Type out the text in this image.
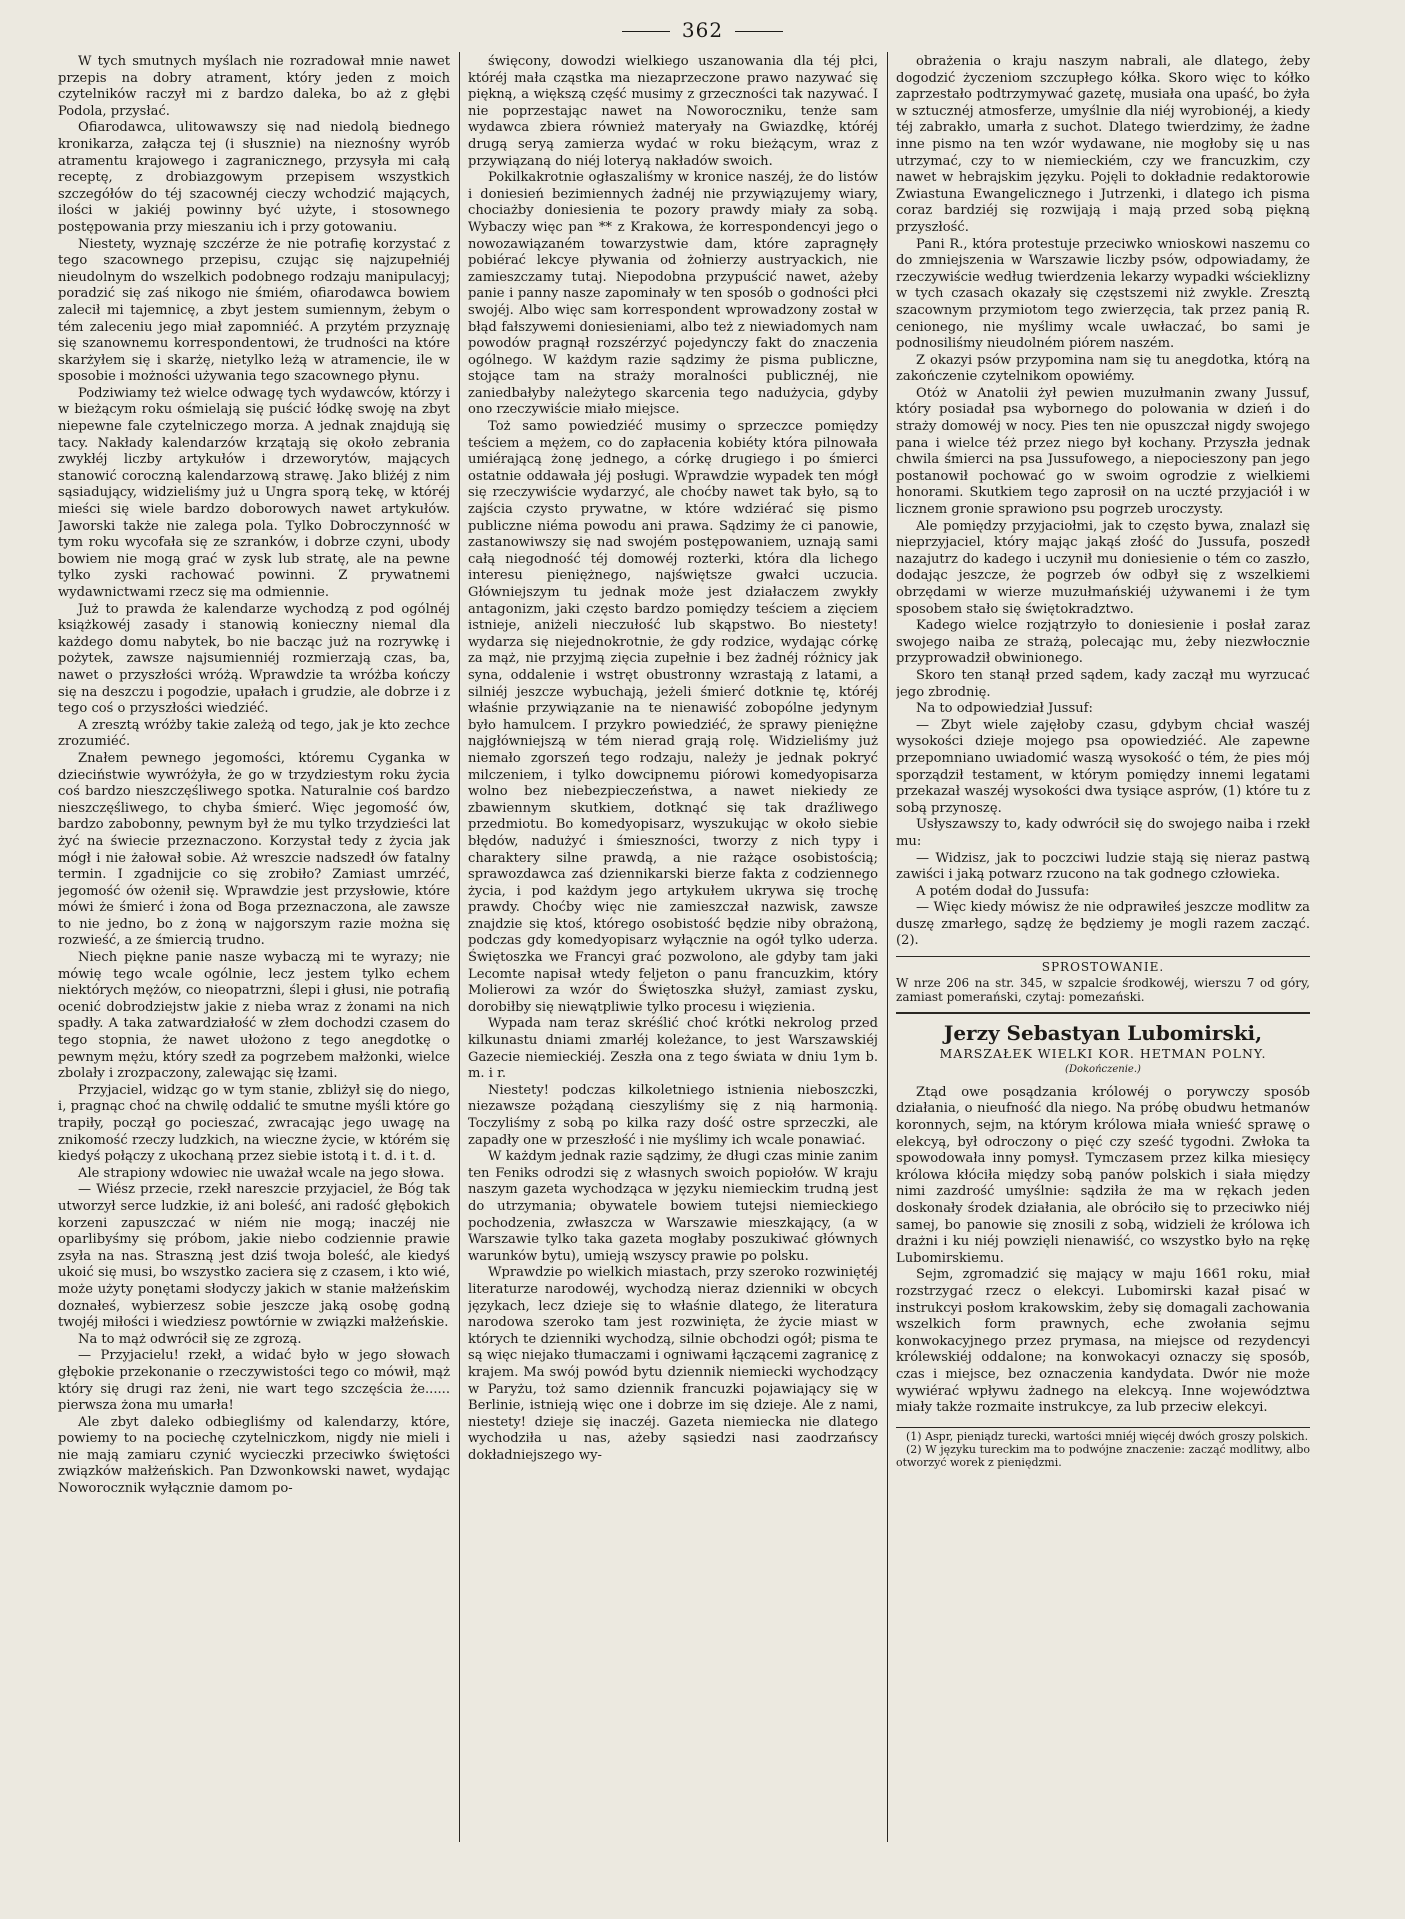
362

W tych smutnych myślach nie rozradował mnie nawet przepis na dobry atrament, który jeden z moich czytelników raczył mi z bardzo daleka, bo aż z głębi Podola, przysłać.

Ofiarodawca, ulitowawszy się nad niedolą biednego kronikarza, załącza tej (i słusznie) na nieznośny wyrób atramentu krajowego i zagranicznego, przysyła mi całą receptę, z drobiazgowym przepisem wszystkich szczegółów do téj szacownéj cieczy wchodzić mających, ilości w jakiéj powinny być użyte, i stosownego postępowania przy mieszaniu ich i przy gotowaniu.

Niestety, wyznaję szczérze że nie potrafię korzystać z tego szacownego przepisu, czując się najzupełniéj nieudolnym do wszelkich podobnego rodzaju manipulacyj; poradzić się zaś nikogo nie śmiém, ofiarodawca bowiem zalecił mi tajemnicę, a zbyt jestem sumiennym, żebym o tém zaleceniu jego miał zapomniéć. A przytém przyznaję się szanownemu korrespondentowi, że trudności na które skarżyłem się i skarżę, nietylko leżą w atramencie, ile w sposobie i możności używania tego szacownego płynu.

Podziwiamy też wielce odwagę tych wydawców, którzy i w bieżącym roku ośmielają się puścić łódkę swoję na zbyt niepewne fale czytelniczego morza. A jednak znajdują się tacy. Nakłady kalendarzów krzątają się około zebrania zwykłéj liczby artykułów i drzeworytów, mających stanowić coroczną kalendarzową strawę. Jako bliżéj z nim sąsiadujący, widzieliśmy już u Ungra sporą tekę, w któréj mieści się wiele bardzo doborowych nawet artykułów. Jaworski także nie zalega pola. Tylko Dobroczynność w tym roku wycofała się ze szranków, i dobrze czyni, ubody bowiem nie mogą grać w zysk lub stratę, ale na pewne tylko zyski rachować powinni. Z prywatnemi wydawnictwami rzecz się ma odmiennie.

Już to prawda że kalendarze wychodzą z pod ogólnéj książkowéj zasady i stanowią konieczny niemal dla każdego domu nabytek, bo nie bacząc już na rozrywkę i pożytek, zawsze najsumienniéj rozmierzają czas, ba, nawet o przyszłości wróżą. Wprawdzie ta wróżba kończy się na deszczu i pogodzie, upałach i grudzie, ale dobrze i z tego coś o przyszłości wiedziéć.

A zresztą wróżby takie zależą od tego, jak je kto zechce zrozumiéć.

Znałem pewnego jegomości, któremu Cyganka w dzieciństwie wywróżyła, że go w trzydziestym roku życia coś bardzo nieszczęśliwego spotka. Naturalnie coś bardzo nieszczęśliwego, to chyba śmierć. Więc jegomość ów, bardzo zabobonny, pewnym był że mu tylko trzydzieści lat żyć na świecie przeznaczono. Korzystał tedy z życia jak mógł i nie żałował sobie. Aż wreszcie nadszedł ów fatalny termin. I zgadnijcie co się zrobiło? Zamiast umrzéć, jegomość ów ożenił się. Wprawdzie jest przysłowie, które mówi że śmierć i żona od Boga przeznaczona, ale zawsze to nie jedno, bo z żoną w najgorszym razie można się rozwieść, a ze śmiercią trudno.

Niech piękne panie nasze wybaczą mi te wyrazy; nie mówię tego wcale ogólnie, lecz jestem tylko echem niektórych mężów, co nieopatrzni, ślepi i głusi, nie potrafią ocenić dobrodziejstw jakie z nieba wraz z żonami na nich spadły. A taka zatwardziałość w złem dochodzi czasem do tego stopnia, że nawet ułożono z tego anegdotkę o pewnym mężu, który szedł za pogrzebem małżonki, wielce zbolały i zrozpaczony, zalewając się łzami.

Przyjaciel, widząc go w tym stanie, zbliżył się do niego, i, pragnąc choć na chwilę oddalić te smutne myśli które go trapiły, począł go pocieszać, zwracając jego uwagę na znikomość rzeczy ludzkich, na wieczne życie, w którém się kiedyś połączy z ukochaną przez siebie istotą i t. d. i t. d.

Ale strapiony wdowiec nie uważał wcale na jego słowa.

— Wiész przecie, rzekł nareszcie przyjaciel, że Bóg tak utworzył serce ludzkie, iż ani boleść, ani radość głębokich korzeni zapuszczać w niém nie mogą; inaczéj nie oparlibyśmy się próbom, jakie niebo codziennie prawie zsyła na nas. Straszną jest dziś twoja boleść, ale kiedyś ukoić się musi, bo wszystko zaciera się z czasem, i kto wié, może użyty ponętami słodyczy jakich w stanie małżeńskim doznałeś, wybierzesz sobie jeszcze jaką osobę godną twojéj miłości i wiedziesz powtórnie w związki małżeńskie.

Na to mąż odwrócił się ze zgrozą.

— Przyjacielu! rzekł, a widać było w jego słowach głębokie przekonanie o rzeczywistości tego co mówił, mąż który się drugi raz żeni, nie wart tego szczęścia że...... pierwsza żona mu umarła!

Ale zbyt daleko odbiegliśmy od kalendarzy, które, powiemy to na pociechę czytelniczkom, nigdy nie mieli i nie mają zamiaru czynić wycieczki przeciwko świętości związków małżeńskich. Pan Dzwonkowski nawet, wydając Noworocznik wyłącznie damom po-

święcony, dowodzi wielkiego uszanowania dla téj płci, któréj mała cząstka ma niezaprzeczone prawo nazywać się piękną, a większą część musimy z grzeczności tak nazywać. I nie poprzestając nawet na Noworoczniku, tenże sam wydawca zbiera również materyały na Gwiazdkę, któréj drugą seryą zamierza wydać w roku bieżącym, wraz z przywiązaną do niéj loteryą nakładów swoich.

Pokilkakrotnie ogłaszaliśmy w kronice naszéj, że do listów i doniesień bezimiennych żadnéj nie przywiązujemy wiary, chociażby doniesienia te pozory prawdy miały za sobą. Wybaczy więc pan ** z Krakowa, że korrespondencyi jego o nowozawiązaném towarzystwie dam, które zapragnęły pobiérać lekcye pływania od żołnierzy austryackich, nie zamieszczamy tutaj. Niepodobna przypuścić nawet, ażeby panie i panny nasze zapominały w ten sposób o godności płci swojéj. Albo więc sam korrespondent wprowadzony został w błąd fałszywemi doniesieniami, albo też z niewiadomych nam powodów pragnął rozszérzyć pojedynczy fakt do znaczenia ogólnego. W każdym razie sądzimy że pisma publiczne, stojące tam na straży moralności publicznéj, nie zaniedbałyby należytego skarcenia tego nadużycia, gdyby ono rzeczywiście miało miejsce.

Toż samo powiedziéć musimy o sprzeczce pomiędzy teściem a mężem, co do zapłacenia kobiéty która pilnowała umiérającą żonę jednego, a córkę drugiego i po śmierci ostatnie oddawała jéj posługi. Wprawdzie wypadek ten mógł się rzeczywiście wydarzyć, ale choćby nawet tak było, są to zajścia czysto prywatne, w które wdziérać się pismo publiczne niéma powodu ani prawa. Sądzimy że ci panowie, zastanowiwszy się nad swojém postępowaniem, uznają sami całą niegodność téj domowéj rozterki, która dla lichego interesu pieniężnego, najświętsze gwałci uczucia. Główniejszym tu jednak może jest działaczem zwykły antagonizm, jaki często bardzo pomiędzy teściem a zięciem istnieje, aniżeli nieczułość lub skąpstwo. Bo niestety! wydarza się niejednokrotnie, że gdy rodzice, wydając córkę za mąż, nie przyjmą zięcia zupełnie i bez żadnéj różnicy jak syna, oddalenie i wstręt obustronny wzrastają z latami, a silniéj jeszcze wybuchają, jeżeli śmierć dotknie tę, któréj właśnie przywiązanie na te nienawiść zobopólne jedynym było hamulcem. I przykro powiedziéć, że sprawy pieniężne najgłówniejszą w tém nierad grają rolę. Widzieliśmy już niemało zgorszeń tego rodzaju, należy je jednak pokryć milczeniem, i tylko dowcipnemu piórowi komedyopisarza wolno bez niebezpieczeństwa, a nawet niekiedy ze zbawiennym skutkiem, dotknąć się tak draźliwego przedmiotu. Bo komedyopisarz, wyszukując w około siebie błędów, nadużyć i śmieszności, tworzy z nich typy i charaktery silne prawdą, a nie rażące osobistością; sprawozdawca zaś dziennikarski bierze fakta z codziennego życia, i pod każdym jego artykułem ukrywa się trochę prawdy. Choćby więc nie zamieszczał nazwisk, zawsze znajdzie się ktoś, którego osobistość będzie niby obrażoną, podczas gdy komedyopisarz wyłącznie na ogół tylko uderza. Świętoszka we Francyi grać pozwolono, ale gdyby tam jaki Lecomte napisał wtedy feljeton o panu francuzkim, który Molierowi za wzór do Świętoszka służył, zamiast zysku, dorobiłby się niewątpliwie tylko procesu i więzienia.

Wypada nam teraz skréślić choć krótki nekrolog przed kilkunastu dniami zmarłéj koleżance, to jest Warszawskiéj Gazecie niemieckiéj. Zeszła ona z tego świata w dniu 1ym b. m. i r.

Niestety! podczas kilkoletniego istnienia nieboszczki, niezawsze pożądaną cieszyliśmy się z nią harmonią. Toczyliśmy z sobą po kilka razy dość ostre sprzeczki, ale zapadły one w przeszłość i nie myślimy ich wcale ponawiać.

W każdym jednak razie sądzimy, że długi czas minie zanim ten Feniks odrodzi się z własnych swoich popiołów. W kraju naszym gazeta wychodząca w języku niemieckim trudną jest do utrzymania; obywatele bowiem tutejsi niemieckiego pochodzenia, zwłaszcza w Warszawie mieszkający, (a w Warszawie tylko taka gazeta mogłaby poszukiwać głównych warunków bytu), umieją wszyscy prawie po polsku.

Wprawdzie po wielkich miastach, przy szeroko rozwiniętéj literaturze narodowéj, wychodzą nieraz dzienniki w obcych językach, lecz dzieje się to właśnie dlatego, że literatura narodowa szeroko tam jest rozwinięta, że życie miast w których te dzienniki wychodzą, silnie obchodzi ogół; pisma te są więc niejako tłumaczami i ogniwami łączącemi zagranicę z krajem. Ma swój powód bytu dziennik niemiecki wychodzący w Paryżu, toż samo dziennik francuzki pojawiający się w Berlinie, istnieją więc one i dobrze im się dzieje. Ale z nami, niestety! dzieje się inaczéj. Gazeta niemiecka nie dlatego wychodziła u nas, ażeby sąsiedzi nasi zaodrzańscy dokładniejszego wy-

obrażenia o kraju naszym nabrali, ale dlatego, żeby dogodzić życzeniom szczupłego kółka. Skoro więc to kółko zaprzestało podtrzymywać gazetę, musiała ona upaść, bo żyła w sztucznéj atmosferze, umyślnie dla niéj wyrobionéj, a kiedy téj zabrakło, umarła z suchot. Dlatego twierdzimy, że żadne inne pismo na ten wzór wydawane, nie mogłoby się u nas utrzymać, czy to w niemieckiém, czy we francuzkim, czy nawet w hebrajskim języku. Pojęli to dokładnie redaktorowie Zwiastuna Ewangelicznego i Jutrzenki, i dlatego ich pisma coraz bardziéj się rozwijają i mają przed sobą piękną przyszłość.

Pani R., która protestuje przeciwko wnioskowi naszemu co do zmniejszenia w Warszawie liczby psów, odpowiadamy, że rzeczywiście według twierdzenia lekarzy wypadki wścieklizny w tych czasach okazały się częstszemi niż zwykle. Zresztą szacownym przymiotom tego zwierzęcia, tak przez panią R. cenionego, nie myślimy wcale uwłaczać, bo sami je podnosiliśmy nieudolném piórem naszém.

Z okazyi psów przypomina nam się tu anegdotka, którą na zakończenie czytelnikom opowiémy.

Otóż w Anatolii żył pewien muzułmanin zwany Jussuf, który posiadał psa wybornego do polowania w dzień i do straży domowéj w nocy. Pies ten nie opuszczał nigdy swojego pana i wielce téż przez niego był kochany. Przyszła jednak chwila śmierci na psa Jussufowego, a niepocieszony pan jego postanowił pochować go w swoim ogrodzie z wielkiemi honorami. Skutkiem tego zaprosił on na uczté przyjaciół i w licznem gronie sprawiono psu pogrzeb uroczysty.

Ale pomiędzy przyjaciołmi, jak to często bywa, znalazł się nieprzyjaciel, który mając jakąś złość do Jussufa, poszedł nazajutrz do kadego i uczynił mu doniesienie o tém co zaszło, dodając jeszcze, że pogrzeb ów odbył się z wszelkiemi obrzędami w wierze muzułmańskiéj używanemi i że tym sposobem stało się świętokradztwo.

Kadego wielce rozjątrzyło to doniesienie i posłał zaraz swojego naiba ze strażą, polecając mu, żeby niezwłocznie przyprowadził obwinionego.

Skoro ten stanął przed sądem, kady zaczął mu wyrzucać jego zbrodnię.

Na to odpowiedział Jussuf:

— Zbyt wiele zajęłoby czasu, gdybym chciał waszéj wysokości dzieje mojego psa opowiedziéć. Ale zapewne przepomniano uwiadomić waszą wysokość o tém, że pies mój sporządził testament, w którym pomiędzy innemi legatami przekazał waszéj wysokości dwa tysiące asprów, (1) które tu z sobą przynoszę.

Usłyszawszy to, kady odwrócił się do swojego naiba i rzekł mu:

— Widzisz, jak to poczciwi ludzie stają się nieraz pastwą zawiści i jaką potwarz rzucono na tak godnego człowieka.

A potém dodał do Jussufa:

— Więc kiedy mówisz że nie odprawiłeś jeszcze modlitw za duszę zmarłego, sądzę że będziemy je mogli razem zacząć. (2).

SPROSTOWANIE.

W nrze 206 na str. 345, w szpalcie środkowéj, wierszu 7 od góry, zamiast pomerański, czytaj: pomezański.

Jerzy Sebastyan Lubomirski,

MARSZAŁEK WIELKI KOR. HETMAN POLNY.

(Dokończenie.)

Ztąd owe posądzania królowéj o porywczy sposób działania, o nieufność dla niego. Na próbę obudwu hetmanów koronnych, sejm, na którym królowa miała wnieść sprawę o elekcyą, był odroczony o pięć czy sześć tygodni. Zwłoka ta spowodowała inny pomysł. Tymczasem przez kilka miesięcy królowa kłóciła między sobą panów polskich i siała między nimi zazdrość umyślnie: sądziła że ma w rękach jeden doskonały środek działania, ale obróciło się to przeciwko niéj samej, bo panowie się znosili z sobą, widzieli że królowa ich drażni i ku niéj powzięli nienawiść, co wszystko było na rękę Lubomirskiemu.

Sejm, zgromadzić się mający w maju 1661 roku, miał rozstrzygać rzecz o elekcyi. Lubomirski kazał pisać w instrukcyi posłom krakowskim, żeby się domagali zachowania wszelkich form prawnych, eche zwołania sejmu konwokacyjnego przez prymasa, na miejsce od rezydencyi królewskiéj oddalone; na konwokacyi oznaczy się sposób, czas i miejsce, bez oznaczenia kandydata. Dwór nie może wywiérać wpływu żadnego na elekcyą. Inne województwa miały także rozmaite instrukcye, za lub przeciw elekcyi.

(1) Aspr, pieniądz turecki, wartości mniéj więcéj dwóch groszy polskich.

(2) W języku tureckim ma to podwójne znaczenie: zacząć modlitwy, albo otworzyć worek z pieniędzmi.
